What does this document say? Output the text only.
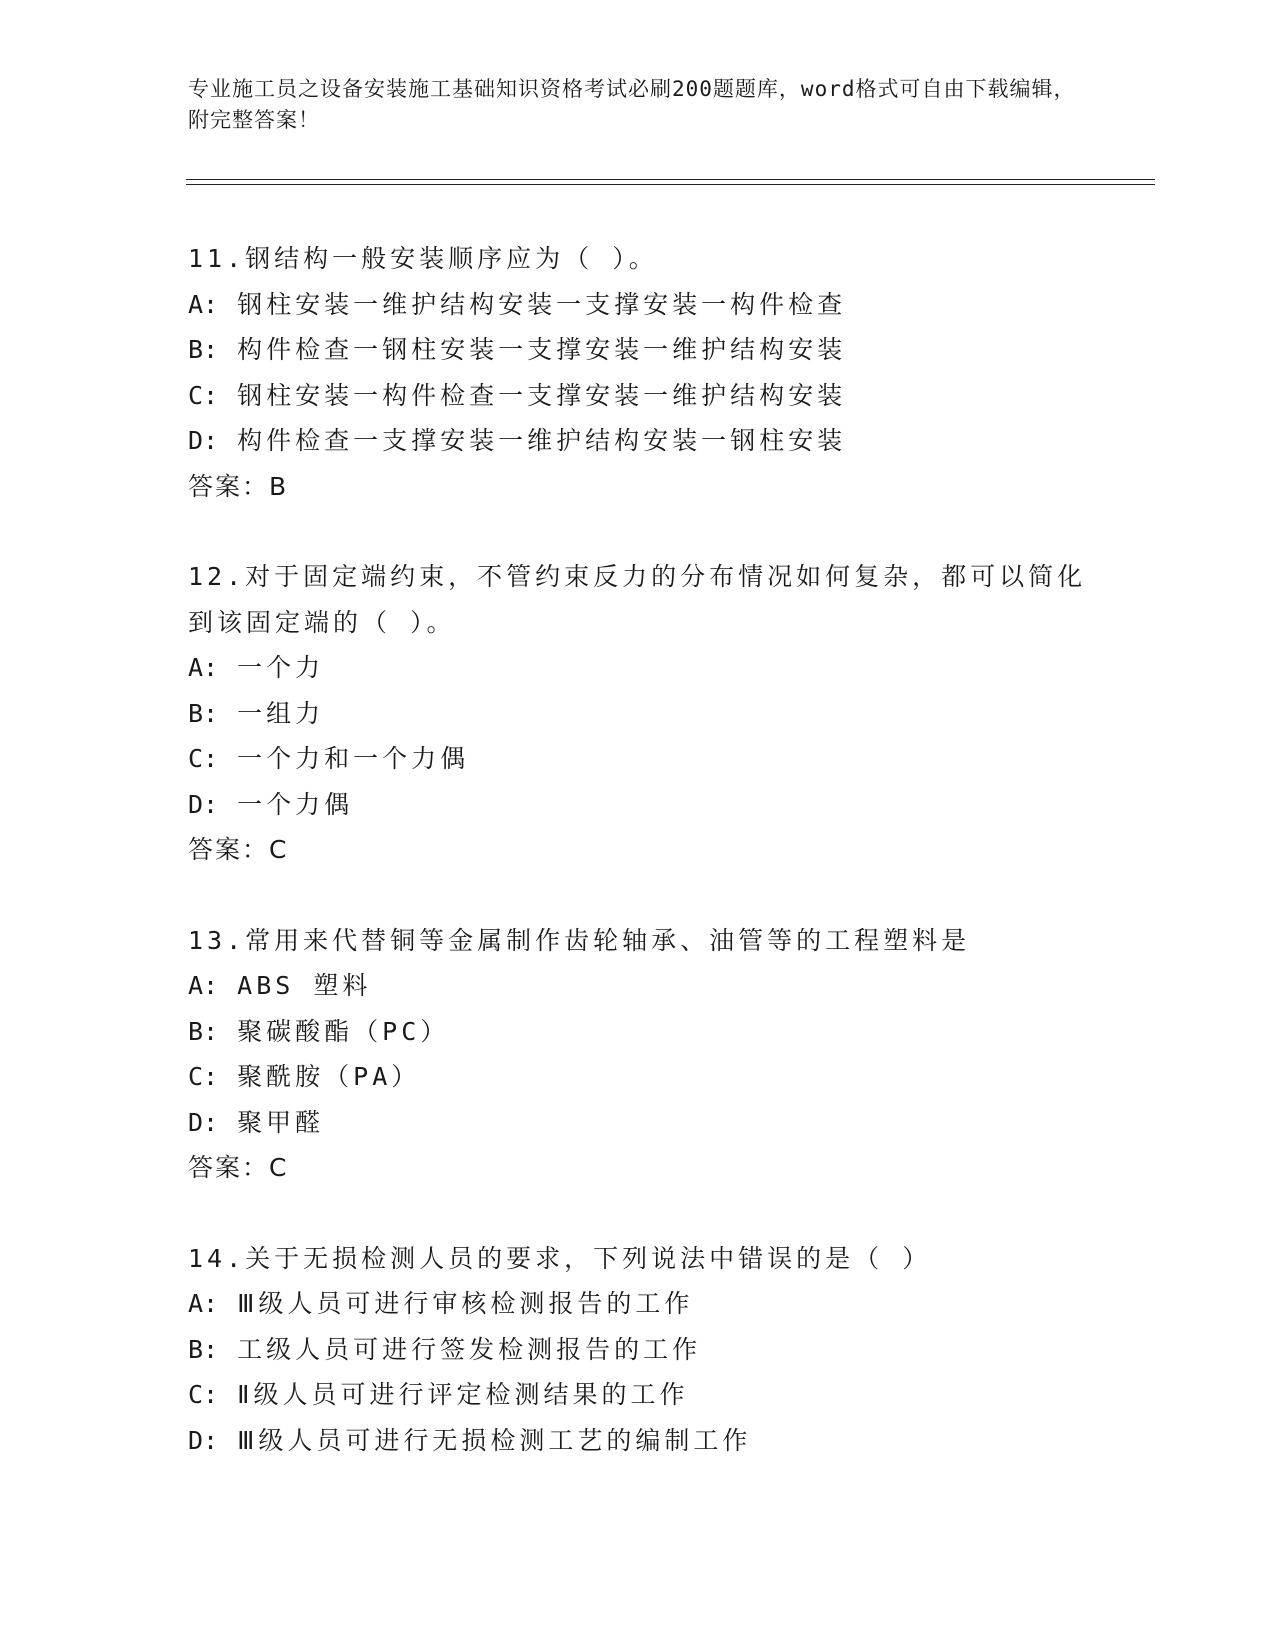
专业施工员之设备安装施工基础知识资格考试必刷200题题库，word格式可自由下载编辑，附完整答案！
11.钢结构一般安装顺序应为（ ）。
A: 钢柱安装一维护结构安装一支撑安装一构件检查
B: 构件检查一钢柱安装一支撑安装一维护结构安装
C: 钢柱安装一构件检查一支撑安装一维护结构安装
D: 构件检查一支撑安装一维护结构安装一钢柱安装
答案：B
12.对于固定端约束，不管约束反力的分布情况如何复杂，都可以简化到该固定端的（ ）。
A: 一个力
B: 一组力
C: 一个力和一个力偶
D: 一个力偶
答案：C
13.常用来代替铜等金属制作齿轮轴承、油管等的工程塑料是
A: ABS 塑料
B: 聚碳酸酯（PC）
C: 聚酰胺（PA）
D: 聚甲醛
答案：C
14.关于无损检测人员的要求，下列说法中错误的是（ ）
A: Ⅲ级人员可进行审核检测报告的工作
B: 工级人员可进行签发检测报告的工作
C: Ⅱ级人员可进行评定检测结果的工作
D: Ⅲ级人员可进行无损检测工艺的编制工作
